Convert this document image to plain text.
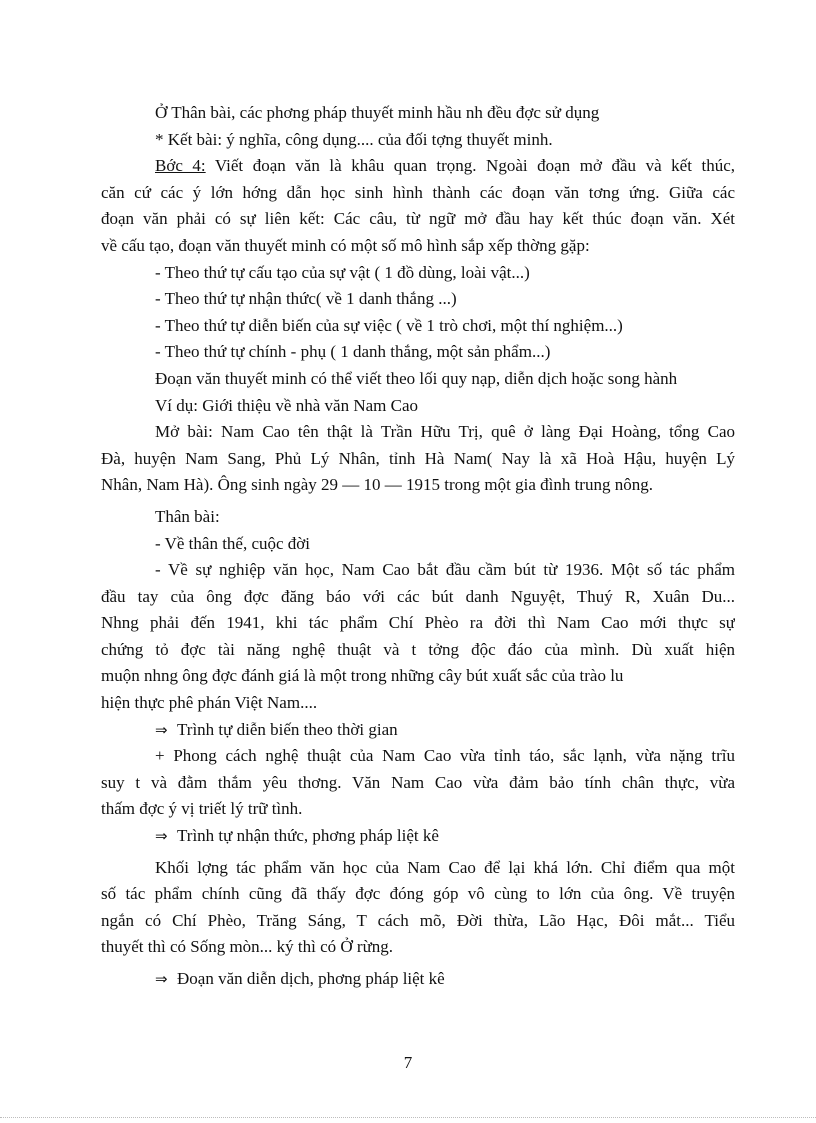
Ở Thân bài, các phơng pháp thuyết minh hầu nh đều đợc sử dụng
* Kết bài: ý nghĩa, công dụng.... của đối tợng thuyết minh.
Bớc 4: Viết đoạn văn là khâu quan trọng. Ngoài đoạn mở đầu và kết thúc,
căn cứ các ý lớn hớng dẫn học sinh hình thành các đoạn văn tơng ứng. Giữa các
đoạn văn phải có sự liên kết: Các câu, từ ngữ mở đầu hay kết thúc đoạn văn. Xét
về cấu tạo, đoạn văn thuyết minh có một số mô hình sắp xếp thờng gặp:
- Theo thứ tự cấu tạo của sự vật ( 1 đồ dùng, loài vật...)
- Theo thứ tự nhận thức( về 1 danh thắng ...)
- Theo thứ tự diễn biến của sự việc ( về 1 trò chơi, một thí nghiệm...)
- Theo thứ tự chính - phụ ( 1 danh thắng, một sản phẩm...)
Đoạn văn thuyết minh có thể viết theo lối quy nạp, diễn dịch hoặc song hành
Ví dụ: Giới thiệu về nhà văn Nam Cao
Mở bài: Nam Cao tên thật là Trần Hữu Trị, quê ở làng Đại Hoàng, tổng Cao
Đà, huyện Nam Sang, Phủ Lý Nhân, tỉnh Hà Nam( Nay là xã Hoà Hậu, huyện Lý
Nhân, Nam Hà). Ông sinh ngày 29 — 10 — 1915 trong một gia đình trung nông.
Thân bài:
- Về thân thế, cuộc đời
- Về sự nghiệp văn học, Nam Cao bắt đầu cầm bút từ 1936. Một số tác phẩm
đầu tay của ông đợc đăng báo với các bút danh Nguyệt, Thuý R, Xuân Du...
Nhng phải đến 1941, khi tác phẩm Chí Phèo ra đời thì Nam Cao mới thực sự
chứng tỏ đợc tài năng nghệ thuật và t tởng độc đáo của mình. Dù xuất hiện
muộn nhng ông đợc đánh giá là một trong những cây bút xuất sắc của trào lu
hiện thực phê phán Việt Nam....
⇒ Trình tự diễn biến theo thời gian
+ Phong cách nghệ thuật của Nam Cao vừa tỉnh táo, sắc lạnh, vừa nặng trĩu
suy t và đằm thắm yêu thơng. Văn Nam Cao vừa đảm bảo tính chân thực, vừa
thấm đợc ý vị triết lý trữ tình.
⇒ Trình tự nhận thức, phơng pháp liệt kê
Khối lợng tác phẩm văn học của Nam Cao để lại khá lớn. Chỉ điểm qua một
số tác phẩm chính cũng đã thấy đợc đóng góp vô cùng to lớn của ông. Về truyện
ngắn có Chí Phèo, Trăng Sáng, T cách mõ, Đời thừa, Lão Hạc, Đôi mắt... Tiểu
thuyết thì có Sống mòn... ký thì có Ở rừng.
⇒ Đoạn văn diễn dịch, phơng pháp liệt kê
7
